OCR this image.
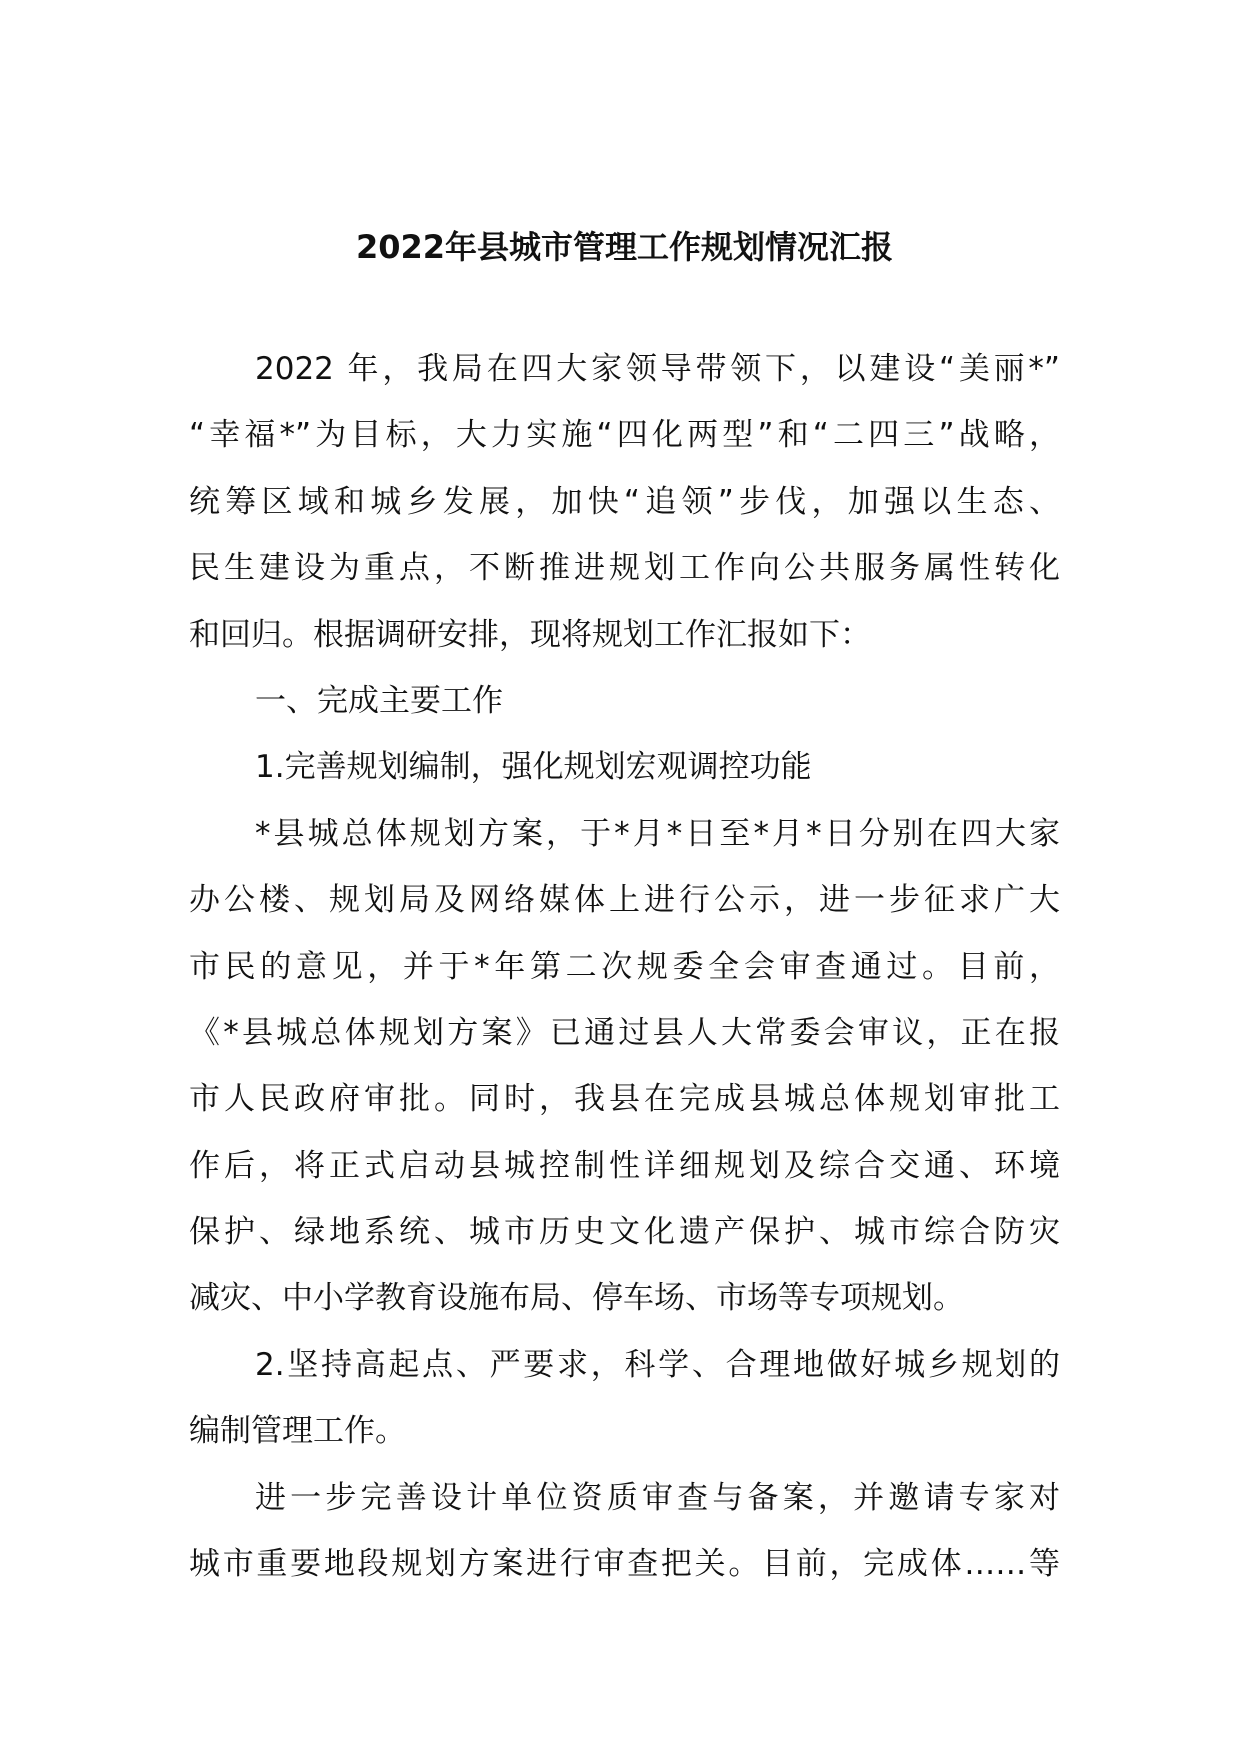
2022年县城市管理工作规划情况汇报
2022 年，我局在四大家领导带领下，以建设“美丽*”
“幸福*”为目标，大力实施“四化两型”和“二四三”战略，
统筹区域和城乡发展，加快“追领”步伐，加强以生态、
民生建设为重点，不断推进规划工作向公共服务属性转化
和回归。根据调研安排，现将规划工作汇报如下：
一、完成主要工作
1.完善规划编制，强化规划宏观调控功能
*县城总体规划方案，于*月*日至*月*日分别在四大家
办公楼、规划局及网络媒体上进行公示，进一步征求广大
市民的意见，并于*年第二次规委全会审查通过。目前，
《*县城总体规划方案》已通过县人大常委会审议，正在报
市人民政府审批。同时，我县在完成县城总体规划审批工
作后，将正式启动县城控制性详细规划及综合交通、环境
保护、绿地系统、城市历史文化遗产保护、城市综合防灾
减灾、中小学教育设施布局、停车场、市场等专项规划。
2.坚持高起点、严要求，科学、合理地做好城乡规划的
编制管理工作。
进一步完善设计单位资质审查与备案，并邀请专家对
城市重要地段规划方案进行审查把关。目前，完成体……等
